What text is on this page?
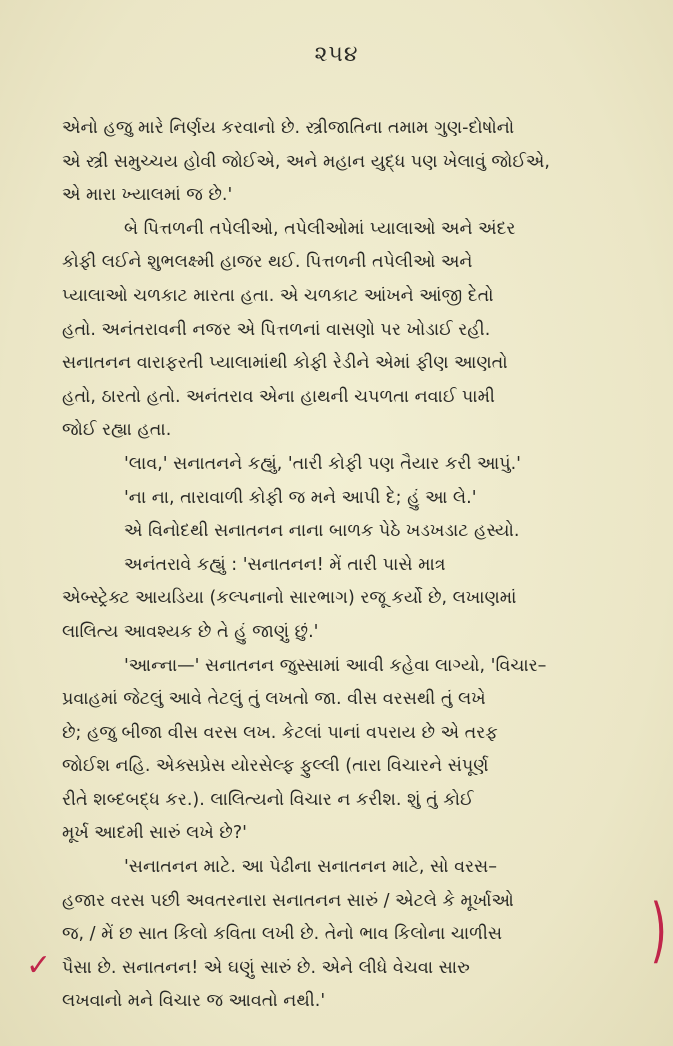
૨૫૪
એનો હજુ મારે નિર્ણય કરવાનો છે. સ્ત્રીજાતિના તમામ ગુણ-દોષોનો
એ સ્ત્રી સમુચ્ચય હોવી જોઈએ, અને મહાન યુદ્ધ પણ ખેલાવું જોઈએ,
એ મારા ખ્યાલમાં જ છે.'
બે પિત્તળની તપેલીઓ, તપેલીઓમાં પ્યાલાઓ અને અંદર
કોફી લઈને શુભલક્ષ્મી હાજર થઈ. પિત્તળની તપેલીઓ અને
પ્યાલાઓ ચળકાટ મારતા હતા. એ ચળકાટ આંખને આંજી દેતો
હતો. અનંતરાવની નજર એ પિત્તળનાં વાસણો પર ખોડાઈ રહી.
સનાતનન વારાફરતી પ્યાલામાંથી કોફી રેડીને એમાં ફીણ આણતો
હતો, ઠારતો હતો. અનંતરાવ એના હાથની ચપળતા નવાઈ પામી
જોઈ રહ્યા હતા.
'લાવ,' સનાતનને કહ્યું, 'તારી કોફી પણ તૈયાર કરી આપું.'
'ના ના, તારાવાળી કોફી જ મને આપી દે; હું આ લે.'
એ વિનોદથી સનાતનન નાના બાળક પેઠે ખડખડાટ હસ્યો.
અનંતરાવે કહ્યું : 'સનાતનન! મેં તારી પાસે માત્ર
એબ્સ્ટ્રેક્ટ આયડિયા (કલ્પનાનો સારભાગ) રજૂ કર્યો છે, લખાણમાં
લાલિત્ય આવશ્યક છે તે હું જાણું છું.'
'આન્ના—' સનાતનન જુસ્સામાં આવી કહેવા લાગ્યો, 'વિચાર–
પ્રવાહમાં જેટલું આવે તેટલું તું લખતો જા. વીસ વરસથી તું લખે
છે; હજુ બીજા વીસ વરસ લખ. કેટલાં પાનાં વપરાય છે એ તરફ
જોઈશ નહિ. એક્સપ્રેસ યોરસેલ્ફ ફુલ્લી (તારા વિચારને સંપૂર્ણ
રીતે શબ્દબદ્ધ કર.). લાલિત્યનો વિચાર ન કરીશ. શું તું કોઈ
મૂર્ખ આદમી સારું લખે છે?'
'સનાતનન માટે. આ પેઢીના સનાતનન માટે, સો વરસ–
હજાર વરસ પછી અવતરનારા સનાતનન સારું / એટલે કે મૂર્ખાઓ
જ, / મેં છ સાત કિલો કવિતા લખી છે. તેનો ભાવ કિલોના ચાળીસ
પૈસા છે. સનાતનન! એ ઘણું સારું છે. એને લીધે વેચવા સારુ
લખવાનો મને વિચાર જ આવતો નથી.'
✓	)
